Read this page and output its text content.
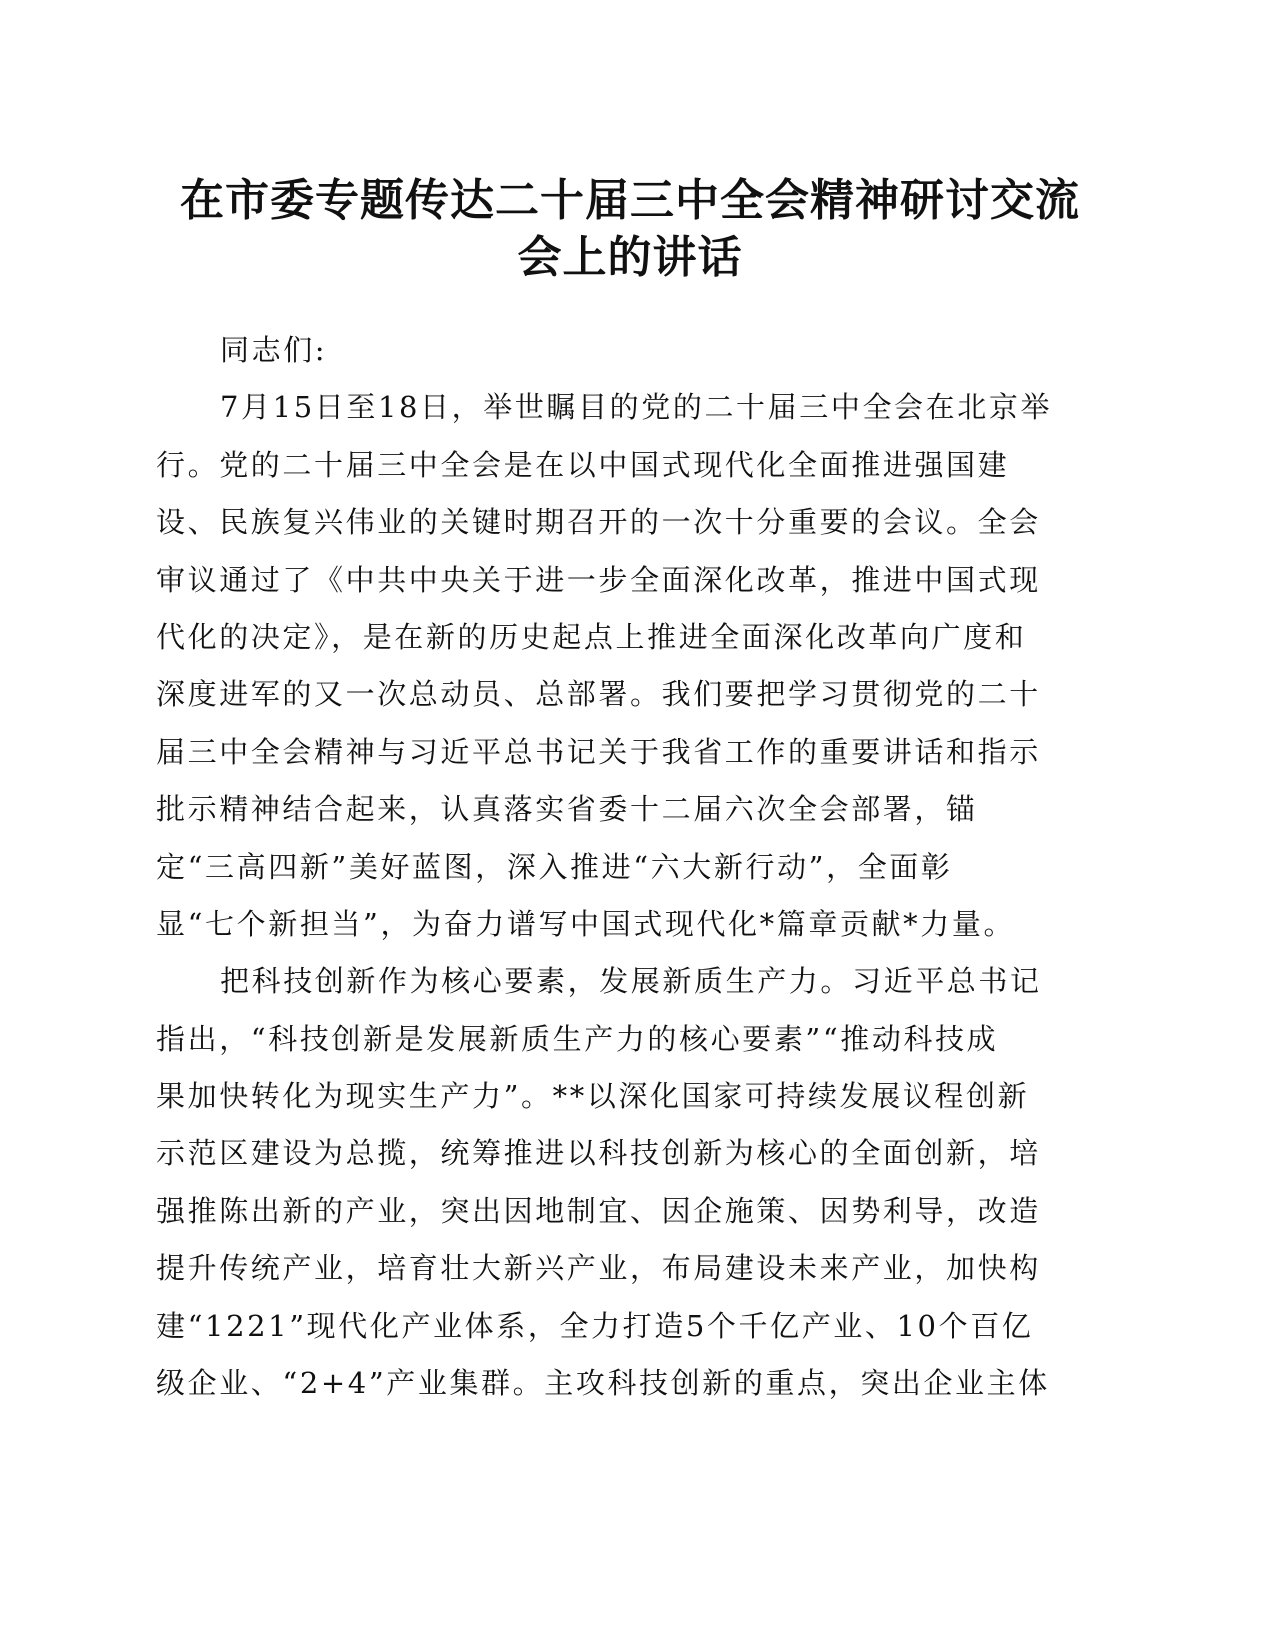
在市委专题传达二十届三中全会精神研讨交流
会上的讲话
同志们:
7月15日至18日，举世瞩目的党的二十届三中全会在北京举
行。党的二十届三中全会是在以中国式现代化全面推进强国建
设、民族复兴伟业的关键时期召开的一次十分重要的会议。全会
审议通过了《中共中央关于进一步全面深化改革，推进中国式现
代化的决定》，是在新的历史起点上推进全面深化改革向广度和
深度进军的又一次总动员、总部署。我们要把学习贯彻党的二十
届三中全会精神与习近平总书记关于我省工作的重要讲话和指示
批示精神结合起来，认真落实省委十二届六次全会部署，锚
定“三高四新”美好蓝图，深入推进“六大新行动”，全面彰
显“七个新担当”，为奋力谱写中国式现代化*篇章贡献*力量。
把科技创新作为核心要素，发展新质生产力。习近平总书记
指出，“科技创新是发展新质生产力的核心要素”“推动科技成
果加快转化为现实生产力”。**以深化国家可持续发展议程创新
示范区建设为总揽，统筹推进以科技创新为核心的全面创新，培
强推陈出新的产业，突出因地制宜、因企施策、因势利导，改造
提升传统产业，培育壮大新兴产业，布局建设未来产业，加快构
建“1221”现代化产业体系，全力打造5个千亿产业、10个百亿
级企业、“2+4”产业集群。主攻科技创新的重点，突出企业主体
